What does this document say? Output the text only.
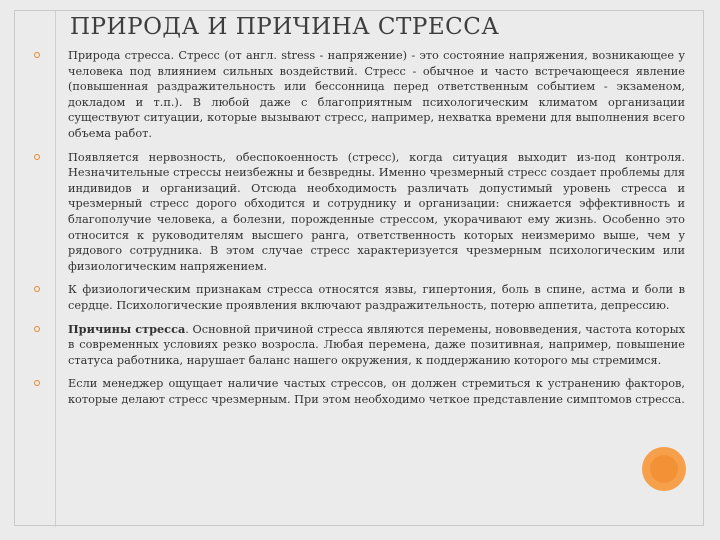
ПРИРОДА И ПРИЧИНА СТРЕССА
Природа стресса. Стресс (от англ. stress - напряжение) - это состояние напряжения, возникающее у человека под влиянием сильных воздействий. Стресс - обычное и часто встречающееся явление (повышенная раздражительность или бессонница перед ответственным событием - экзаменом, докладом и т.п.). В любой даже с благоприятным психологическим климатом организации существуют ситуации, которые вызывают стресс, например, нехватка времени для выполнения всего объема работ.
Появляется нервозность, обеспокоенность (стресс), когда ситуация выходит из-под контроля. Незначительные стрессы неизбежны и безвредны. Именно чрезмерный стресс создает проблемы для индивидов и организаций. Отсюда необходимость различать допустимый уровень стресса и чрезмерный стресс дорого обходится и сотруднику и организации: снижается эффективность и благополучие человека, а болезни, порожденные стрессом, укорачивают ему жизнь. Особенно это относится к руководителям высшего ранга, ответственность которых неизмеримо выше, чем у рядового сотрудника. В этом случае стресс характеризуется чрезмерным психологическим или физиологическим напряжением.
К физиологическим признакам стресса относятся язвы, гипертония, боль в спине, астма и боли в сердце. Психологические проявления включают раздражительность, потерю аппетита, депрессию.
Причины стресса. Основной причиной стресса являются перемены, нововведения, частота которых в современных условиях резко возросла. Любая перемена, даже позитивная, например, повышение статуса работника, нарушает баланс нашего окружения, к поддержанию которого мы стремимся.
Если менеджер ощущает наличие частых стрессов, он должен стремиться к устранению факторов, которые делают стресс чрезмерным. При этом необходимо четкое представление симптомов стресса.
